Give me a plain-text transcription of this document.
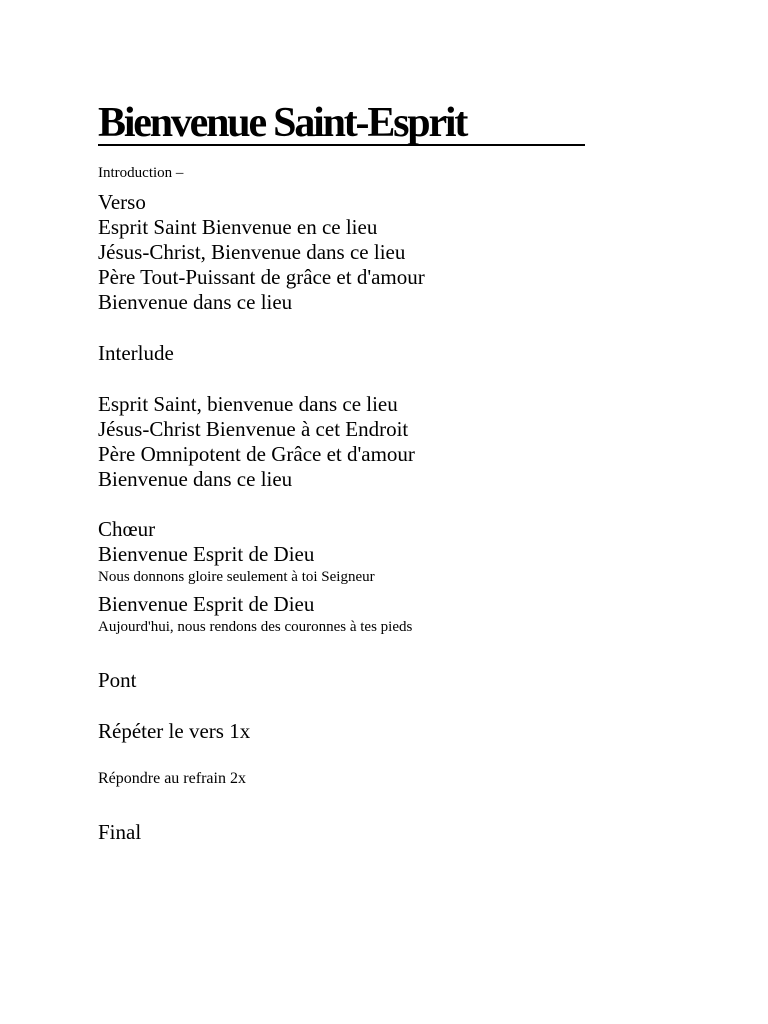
Bienvenue Saint-Esprit
Introduction –
Verso
Esprit Saint Bienvenue en ce lieu
Jésus-Christ, Bienvenue dans ce lieu
Père Tout-Puissant de grâce et d'amour
Bienvenue dans ce lieu
Interlude
Esprit Saint, bienvenue dans ce lieu
Jésus-Christ Bienvenue à cet Endroit
Père Omnipotent de Grâce et d'amour
Bienvenue dans ce lieu
Chœur
Bienvenue Esprit de Dieu
Nous donnons gloire seulement à toi Seigneur
Bienvenue Esprit de Dieu
Aujourd'hui, nous rendons des couronnes à tes pieds
Pont
Répéter le vers 1x
Répondre au refrain 2x
Final
